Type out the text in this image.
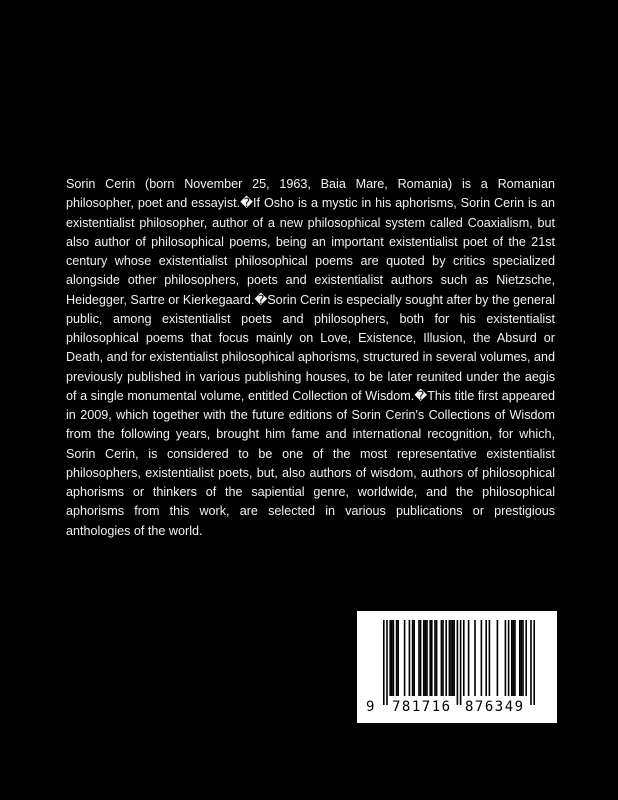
Sorin Cerin (born November 25, 1963, Baia Mare, Romania) is a Romanian philosopher, poet and essayist.�If Osho is a mystic in his aphorisms, Sorin Cerin is an existentialist philosopher, author of a new philosophical system called Coaxialism, but also author of philosophical poems, being an important existentialist poet of the 21st century whose existentialist philosophical poems are quoted by critics specialized alongside other philosophers, poets and existentialist authors such as Nietzsche, Heidegger, Sartre or Kierkegaard.�Sorin Cerin is especially sought after by the general public, among existentialist poets and philosophers, both for his existentialist philosophical poems that focus mainly on Love, Existence, Illusion, the Absurd or Death, and for existentialist philosophical aphorisms, structured in several volumes, and previously published in various publishing houses, to be later reunited under the aegis of a single monumental volume, entitled Collection of Wisdom.�This title first appeared in 2009, which together with the future editions of Sorin Cerin's Collections of Wisdom from the following years, brought him fame and international recognition, for which, Sorin Cerin, is considered to be one of the most representative existentialist philosophers, existentialist poets, but, also authors of wisdom, authors of philosophical aphorisms or thinkers of the sapiential genre, worldwide, and the philosophical aphorisms from this work, are selected in various publications or prestigious anthologies of the world.

9 781716 876349
